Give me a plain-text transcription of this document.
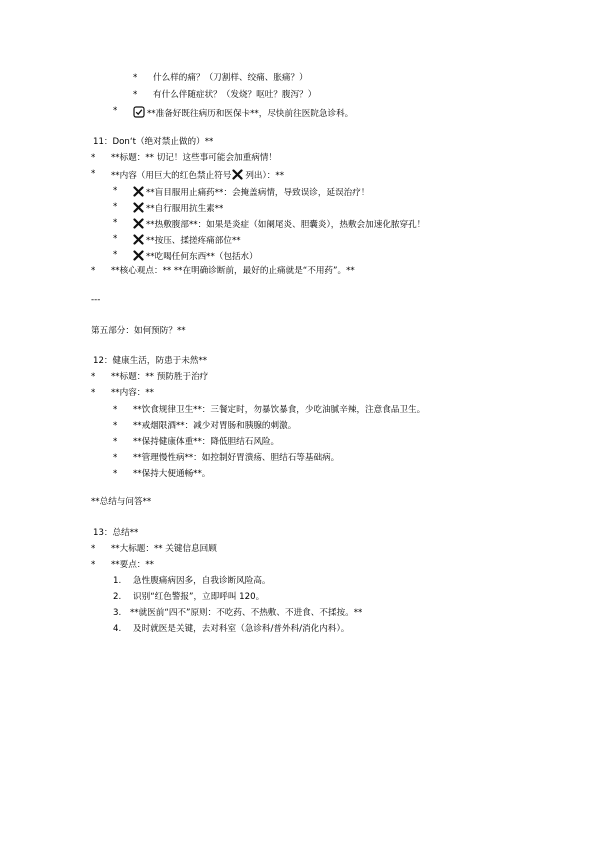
* 什么样的痛？（刀割样、绞痛、胀痛？）
* 有什么伴随症状？（发烧？呕吐？腹泻？）
*	**准备好既往病历和医保卡**，尽快前往医院急诊科。
11：Don‘t（绝对禁止做的）**
* **标题：** 切记！这些事可能会加重病情！
* **内容（用巨大的红色禁止符号 列出）：**
*	**盲目服用止痛药**：会掩盖病情，导致误诊，延误治疗！
*	**自行服用抗生素**
*	**热敷腹部**：如果是炎症（如阑尾炎、胆囊炎），热敷会加速化脓穿孔！
*	**按压、揉搓疼痛部位**
*	**吃喝任何东西**（包括水）
* **核心观点：** **在明确诊断前，最好的止痛就是“不用药”。**
---
第五部分：如何预防？**
12：健康生活，防患于未然**
* **标题：** 预防胜于治疗
* **内容：**
* **饮食规律卫生**：三餐定时，勿暴饮暴食，少吃油腻辛辣，注意食品卫生。
* **戒烟限酒**：减少对胃肠和胰腺的刺激。
* **保持健康体重**：降低胆结石风险。
* **管理慢性病**：如控制好胃溃疡、胆结石等基础病。
* **保持大便通畅**。
**总结与问答**
13：总结**
* **大标题：** 关键信息回顾
* **要点：**
1. 急性腹痛病因多，自我诊断风险高。
2. 识别“红色警报”，立即呼叫 120。
3. **就医前“四不”原则：不吃药、不热敷、不进食、不揉按。**
4. 及时就医是关键，去对科室（急诊科/普外科/消化内科）。
